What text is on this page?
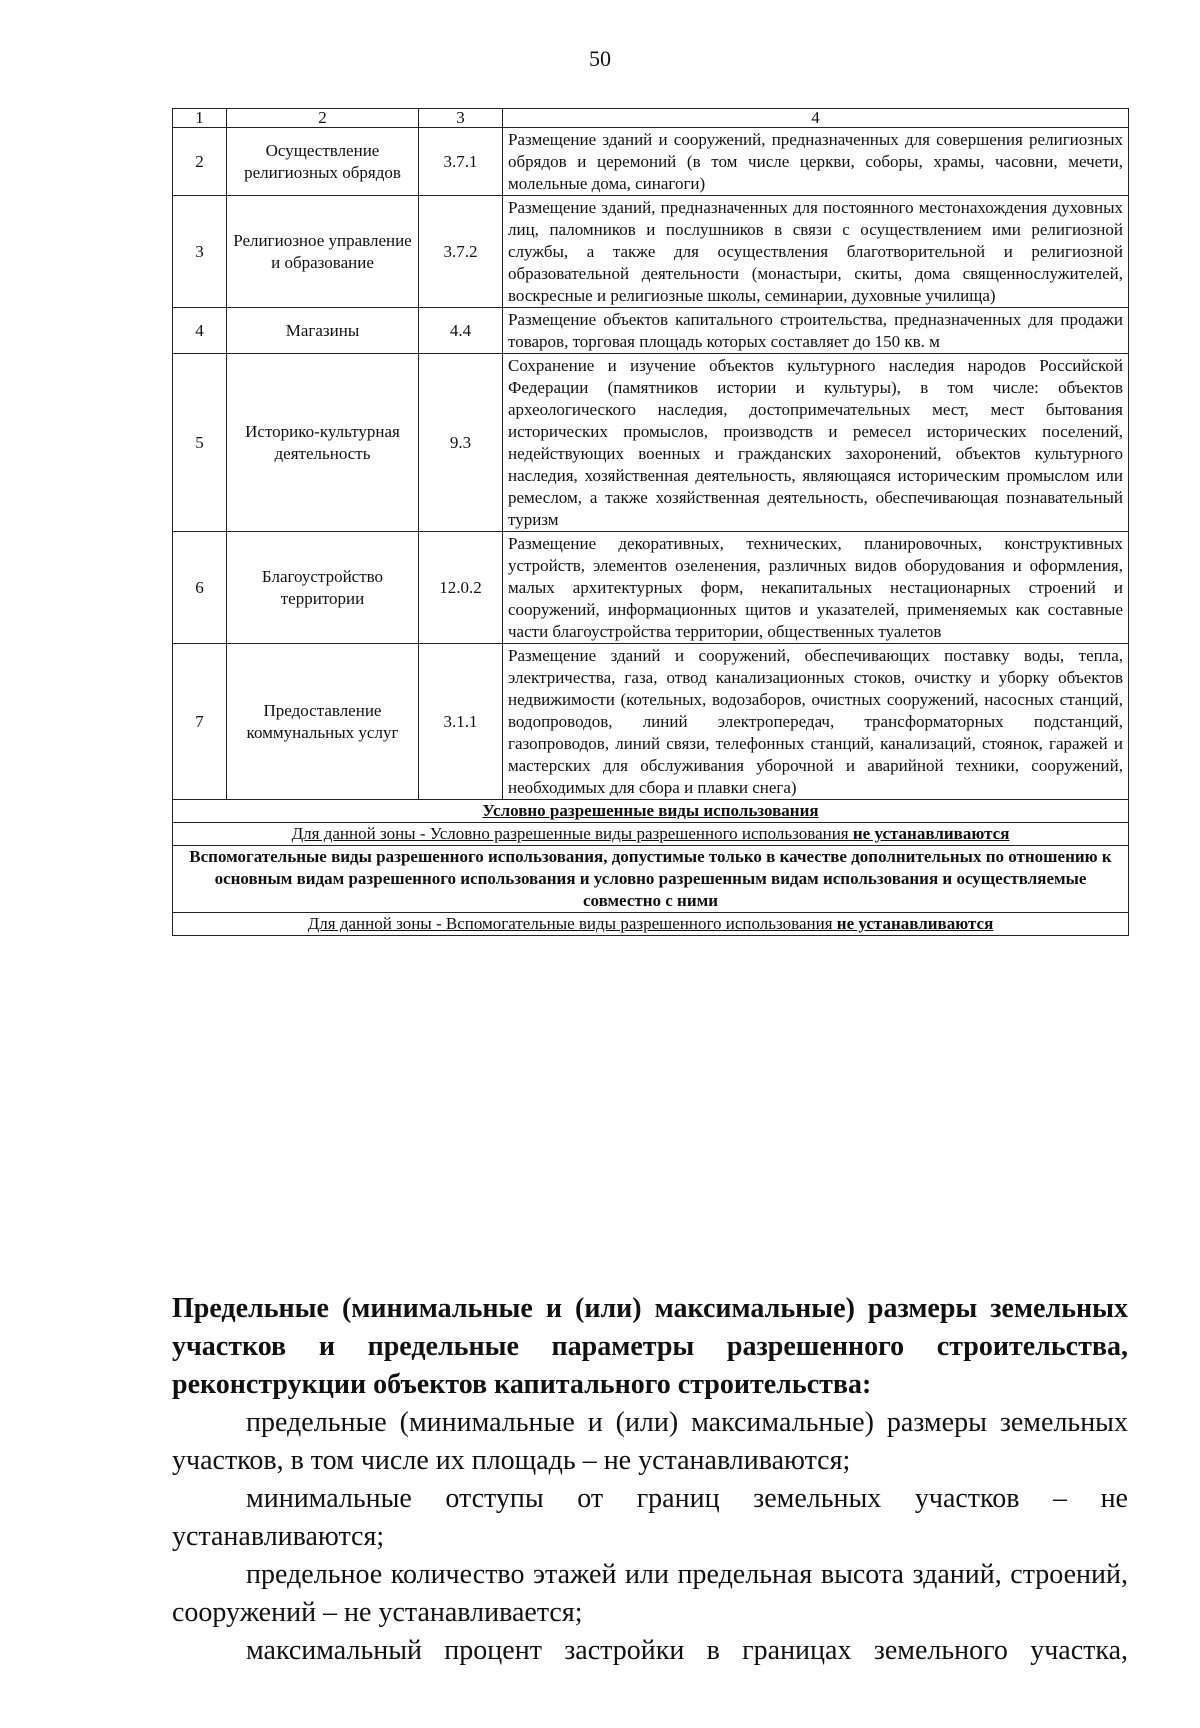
50
1	2	3	4
2	Осуществление религиозных обрядов	3.7.1	Размещение зданий и сооружений, предназначенных для совершения религиозных обрядов и церемоний (в том числе церкви, соборы, храмы, часовни, мечети, молельные дома, синагоги)
3	Религиозное управление и образование	3.7.2	Размещение зданий, предназначенных для постоянного местонахождения духовных лиц, паломников и послушников в связи с осуществлением ими религиозной службы, а также для осуществления благотворительной и религиозной образовательной деятельности (монастыри, скиты, дома священнослужителей, воскресные и религиозные школы, семинарии, духовные училища)
4	Магазины	4.4	Размещение объектов капитального строительства, предназначенных для продажи товаров, торговая площадь которых составляет до 150 кв. м
5	Историко-культурная деятельность	9.3	Сохранение и изучение объектов культурного наследия народов Российской Федерации (памятников истории и культуры), в том числе: объектов археологического наследия, достопримечательных мест, мест бытования исторических промыслов, производств и ремесел исторических поселений, недействующих военных и гражданских захоронений, объектов культурного наследия, хозяйственная деятельность, являющаяся историческим промыслом или ремеслом, а также хозяйственная деятельность, обеспечивающая познавательный туризм
6	Благоустройство территории	12.0.2	Размещение декоративных, технических, планировочных, конструктивных устройств, элементов озеленения, различных видов оборудования и оформления, малых архитектурных форм, некапитальных нестационарных строений и сооружений, информационных щитов и указателей, применяемых как составные части благоустройства территории, общественных туалетов
7	Предоставление коммунальных услуг	3.1.1	Размещение зданий и сооружений, обеспечивающих поставку воды, тепла, электричества, газа, отвод канализационных стоков, очистку и уборку объектов недвижимости (котельных, водозаборов, очистных сооружений, насосных станций, водопроводов, линий электропередач, трансформаторных подстанций, газопроводов, линий связи, телефонных станций, канализаций, стоянок, гаражей и мастерских для обслуживания уборочной и аварийной техники, сооружений, необходимых для сбора и плавки снега)
Условно разрешенные виды использования			
Для данной зоны - Условно разрешенные виды разрешенного использования не устанавливаются			
Вспомогательные виды разрешенного использования, допустимые только в качестве дополнительных по отношению к основным видам разрешенного использования и условно разрешенным видам использования и осуществляемые совместно с ними			
Для данной зоны - Вспомогательные виды разрешенного использования не устанавливаются			

Предельные (минимальные и (или) максимальные) размеры земельных участков и предельные параметры разрешенного строительства, реконструкции объектов капитального строительства:

предельные (минимальные и (или) максимальные) размеры земельных участков, в том числе их площадь – не устанавливаются;

минимальные отступы от границ земельных участков – не устанавливаются;

предельное количество этажей или предельная высота зданий, строений, сооружений – не устанавливается;

максимальный процент застройки в границах земельного участка,
